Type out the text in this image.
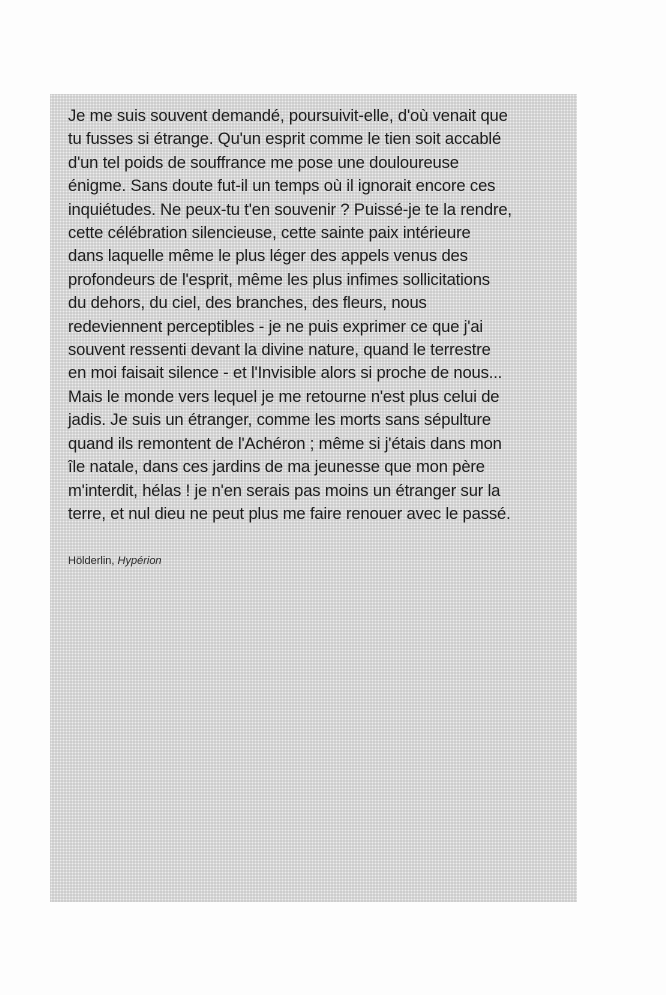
Je me suis souvent demandé, poursuivit-elle, d'où venait que
tu fusses si étrange. Qu'un esprit comme le tien soit accablé
d'un tel poids de souffrance me pose une douloureuse
énigme. Sans doute fut-il un temps où il ignorait encore ces
inquiétudes. Ne peux-tu t'en souvenir ? Puissé-je te la rendre,
cette célébration silencieuse, cette sainte paix intérieure
dans laquelle même le plus léger des appels venus des
profondeurs de l'esprit, même les plus infimes sollicitations
du dehors, du ciel, des branches, des fleurs, nous
redeviennent perceptibles - je ne puis exprimer ce que j'ai
souvent ressenti devant la divine nature, quand le terrestre
en moi faisait silence - et l'Invisible alors si proche de nous...
Mais le monde vers lequel je me retourne n'est plus celui de
jadis. Je suis un étranger, comme les morts sans sépulture
quand ils remontent de l'Achéron ; même si j'étais dans mon
île natale, dans ces jardins de ma jeunesse que mon père
m'interdit, hélas ! je n'en serais pas moins un étranger sur la
terre, et nul dieu ne peut plus me faire renouer avec le passé.

Hölderlin, Hypérion
